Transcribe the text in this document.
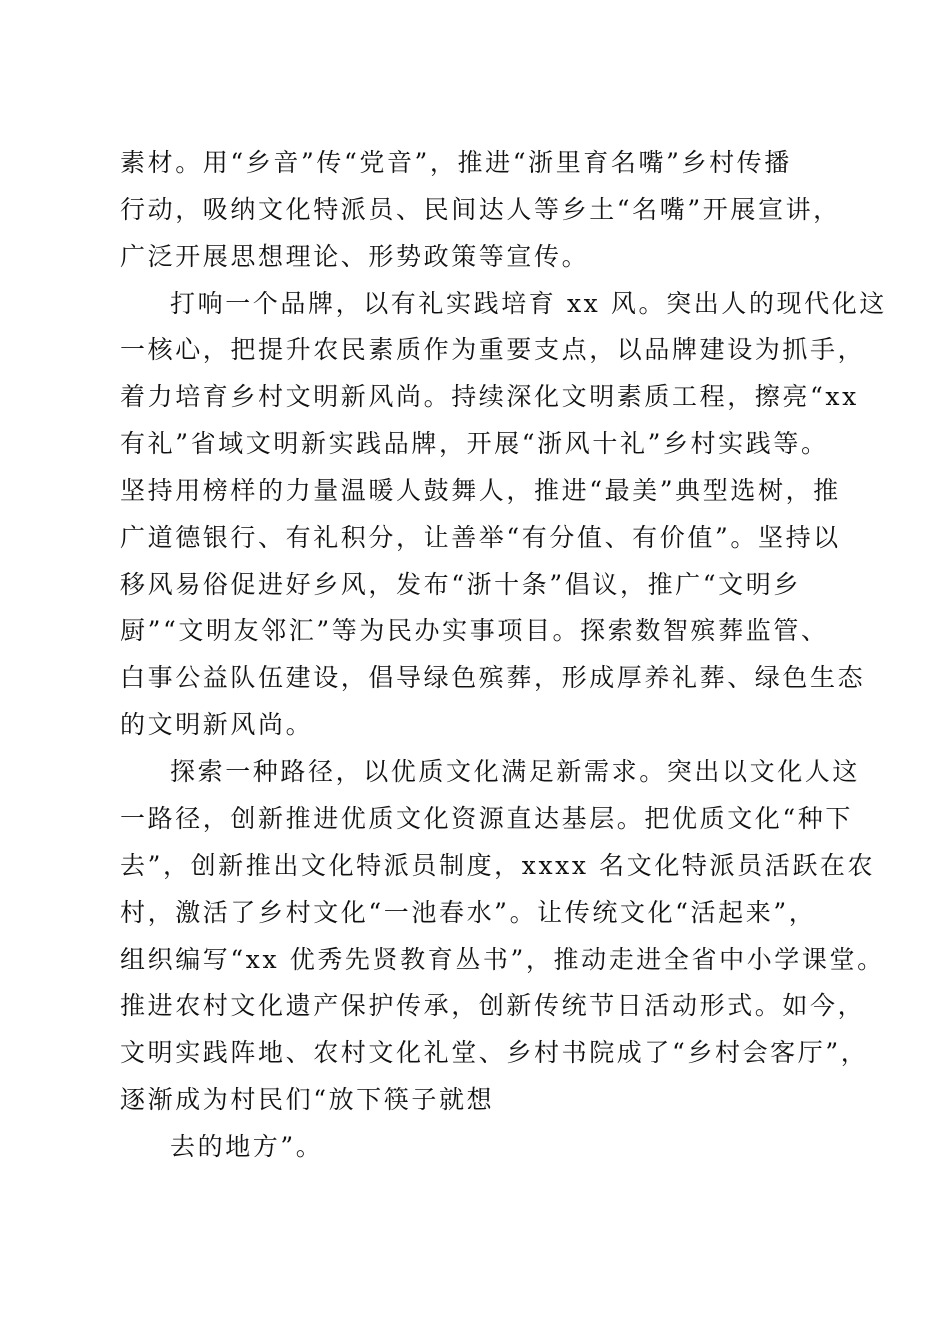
素材。用“乡音”传“党音”，推进“浙里育名嘴”乡村传播
行动，吸纳文化特派员、民间达人等乡土“名嘴”开展宣讲，
广泛开展思想理论、形势政策等宣传。
打响一个品牌，以有礼实践培育 xx 风。突出人的现代化这
一核心，把提升农民素质作为重要支点，以品牌建设为抓手，
着力培育乡村文明新风尚。持续深化文明素质工程，擦亮“xx
有礼”省域文明新实践品牌，开展“浙风十礼”乡村实践等。
坚持用榜样的力量温暖人鼓舞人，推进“最美”典型选树，推
广道德银行、有礼积分，让善举“有分值、有价值”。坚持以
移风易俗促进好乡风，发布“浙十条”倡议，推广“文明乡
厨”“文明友邻汇”等为民办实事项目。探索数智殡葬监管、
白事公益队伍建设，倡导绿色殡葬，形成厚养礼葬、绿色生态
的文明新风尚。
探索一种路径，以优质文化满足新需求。突出以文化人这
一路径，创新推进优质文化资源直达基层。把优质文化“种下
去”，创新推出文化特派员制度，xxxx 名文化特派员活跃在农
村，激活了乡村文化“一池春水”。让传统文化“活起来”，
组织编写“xx 优秀先贤教育丛书”，推动走进全省中小学课堂。
推进农村文化遗产保护传承，创新传统节日活动形式。如今，
文明实践阵地、农村文化礼堂、乡村书院成了“乡村会客厅”，
逐渐成为村民们“放下筷子就想
去的地方”。
